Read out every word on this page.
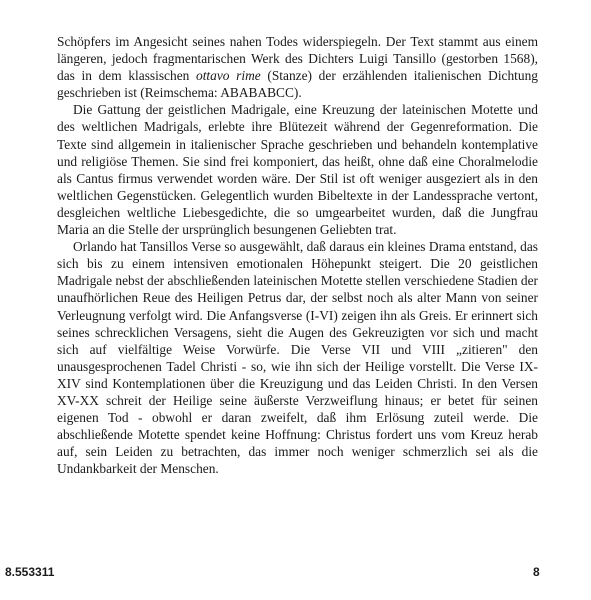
Schöpfers im Angesicht seines nahen Todes widerspiegeln. Der Text stammt aus einem längeren, jedoch fragmentarischen Werk des Dichters Luigi Tansillo (gestorben 1568), das in dem klassischen ottavo rime (Stanze) der erzählenden italienischen Dichtung geschrieben ist (Reimschema: ABABABCC).

Die Gattung der geistlichen Madrigale, eine Kreuzung der lateinischen Motette und des weltlichen Madrigals, erlebte ihre Blütezeit während der Gegenreformation. Die Texte sind allgemein in italienischer Sprache geschrieben und behandeln kontemplative und religiöse Themen. Sie sind frei komponiert, das heißt, ohne daß eine Choralmelodie als Cantus firmus verwendet worden wäre. Der Stil ist oft weniger ausgeziert als in den weltlichen Gegenstücken. Gelegentlich wurden Bibeltexte in der Landessprache vertont, desgleichen weltliche Liebesgedichte, die so umgearbeitet wurden, daß die Jungfrau Maria an die Stelle der ursprünglich besungenen Geliebten trat.

Orlando hat Tansillos Verse so ausgewählt, daß daraus ein kleines Drama entstand, das sich bis zu einem intensiven emotionalen Höhepunkt steigert. Die 20 geistlichen Madrigale nebst der abschließenden lateinischen Motette stellen verschiedene Stadien der unaufhörlichen Reue des Heiligen Petrus dar, der selbst noch als alter Mann von seiner Verleugnung verfolgt wird. Die Anfangsverse (I-VI) zeigen ihn als Greis. Er erinnert sich seines schrecklichen Versagens, sieht die Augen des Gekreuzigten vor sich und macht sich auf vielfältige Weise Vorwürfe. Die Verse VII und VIII „zitieren" den unausgesprochenen Tadel Christi - so, wie ihn sich der Heilige vorstellt. Die Verse IX-XIV sind Kontemplationen über die Kreuzigung und das Leiden Christi. In den Versen XV-XX schreit der Heilige seine äußerste Verzweiflung hinaus; er betet für seinen eigenen Tod - obwohl er daran zweifelt, daß ihm Erlösung zuteil werde. Die abschließende Motette spendet keine Hoffnung: Christus fordert uns vom Kreuz herab auf, sein Leiden zu betrachten, das immer noch weniger schmerzlich sei als die Undankbarkeit der Menschen.

8.553311	8
